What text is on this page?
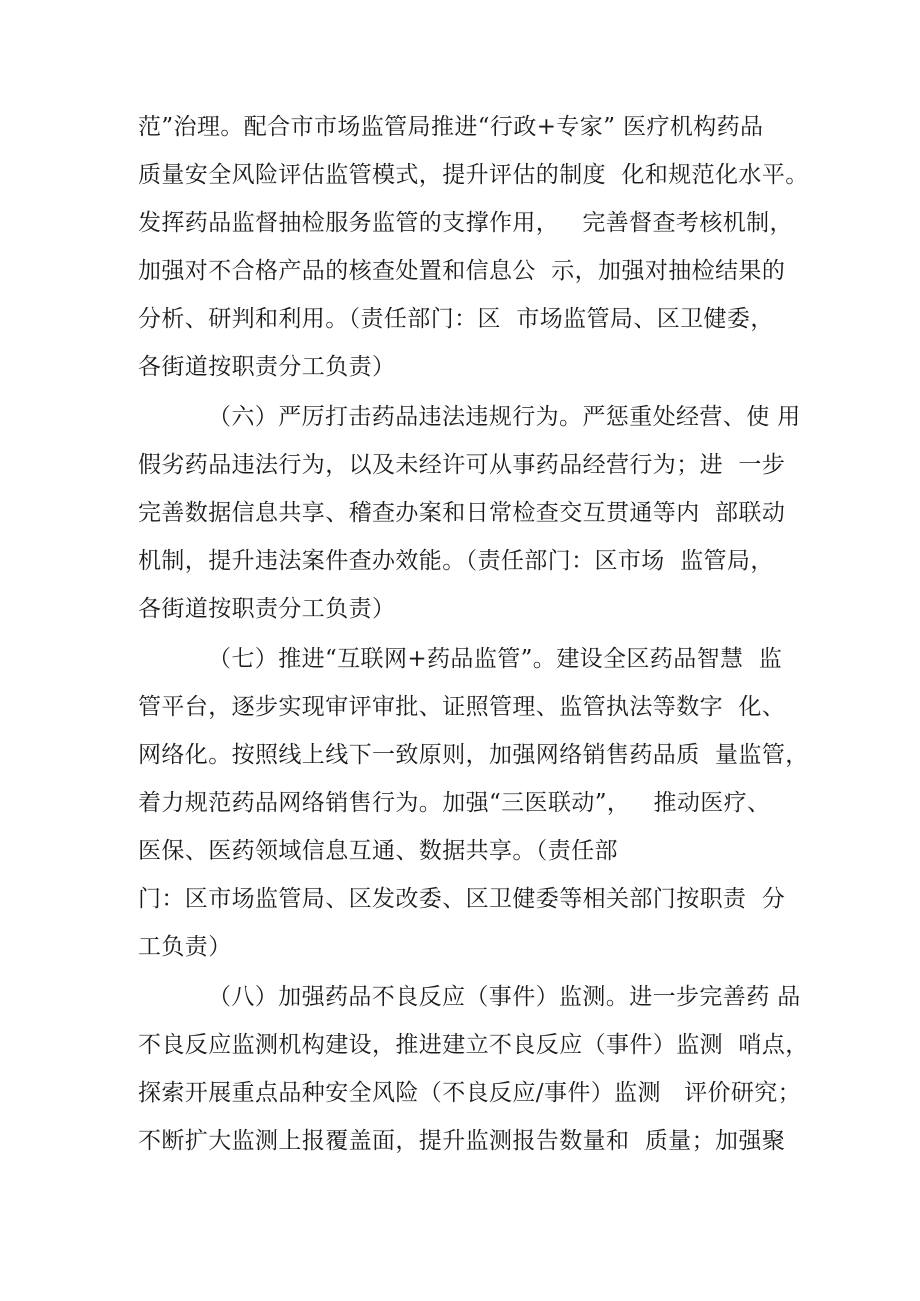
范”治理。配合市市场监管局推进“行政+专家” 医疗机构药品
质量安全风险评估监管模式，提升评估的制度  化和规范化水平。
发挥药品监督抽检服务监管的支撑作用，   完善督查考核机制，
加强对不合格产品的核查处置和信息公  示，加强对抽检结果的
分析、研判和利用。（责任部门：区  市场监管局、区卫健委，
各街道按职责分工负责）
（六）严厉打击药品违法违规行为。严惩重处经营、使 用
假劣药品违法行为，以及未经许可从事药品经营行为；进  一步
完善数据信息共享、稽查办案和日常检查交互贯通等内  部联动
机制，提升违法案件查办效能。（责任部门：区市场  监管局，
各街道按职责分工负责）
（七）推进“互联网+药品监管”。建设全区药品智慧  监
管平台，逐步实现审评审批、证照管理、监管执法等数字  化、
网络化。按照线上线下一致原则，加强网络销售药品质  量监管，
着力规范药品网络销售行为。加强“三医联动”，   推动医疗、
医保、医药领域信息互通、数据共享。（责任部
门：区市场监管局、区发改委、区卫健委等相关部门按职责  分
工负责）
（八）加强药品不良反应（事件）监测。进一步完善药 品
不良反应监测机构建设，推进建立不良反应（事件）监测  哨点，
探索开展重点品种安全风险（不良反应/事件）监测   评价研究；
不断扩大监测上报覆盖面，提升监测报告数量和  质量；加强聚
